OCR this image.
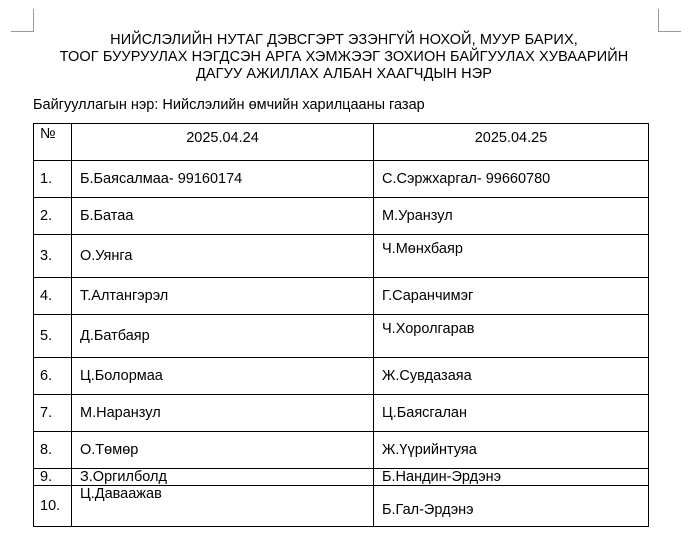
НИЙСЛЭЛИЙН НУТАГ ДЭВСГЭРТ ЭЗЭНГҮЙ НОХОЙ, МУУР БАРИХ,
ТООГ БУУРУУЛАХ НЭГДСЭН АРГА ХЭМЖЭЭГ ЗОХИОН БАЙГУУЛАХ ХУВААРИЙН
ДАГУУ АЖИЛЛАХ АЛБАН ХААГЧДЫН НЭР
Байгууллагын нэр: Нийслэлийн өмчийн харилцааны газар
№	2025.04.24	2025.04.25
1.	Б.Баясалмаа- 99160174	С.Сэржхаргал- 99660780
2.	Б.Батаа	М.Уранзул
3.	О.Уянга	Ч.Мөнхбаяр
4.	Т.Алтангэрэл	Г.Саранчимэг
5.	Д.Батбаяр	Ч.Хоролгарав
6.	Ц.Болормаа	Ж.Сувдазаяа
7.	М.Наранзул	Ц.Баясгалан
8.	О.Төмөр	Ж.Үүрийнтуяа
9.	З.Оргилболд	Б.Нандин-Эрдэнэ
10.	Ц.Даваажав	Б.Гал-Эрдэнэ
